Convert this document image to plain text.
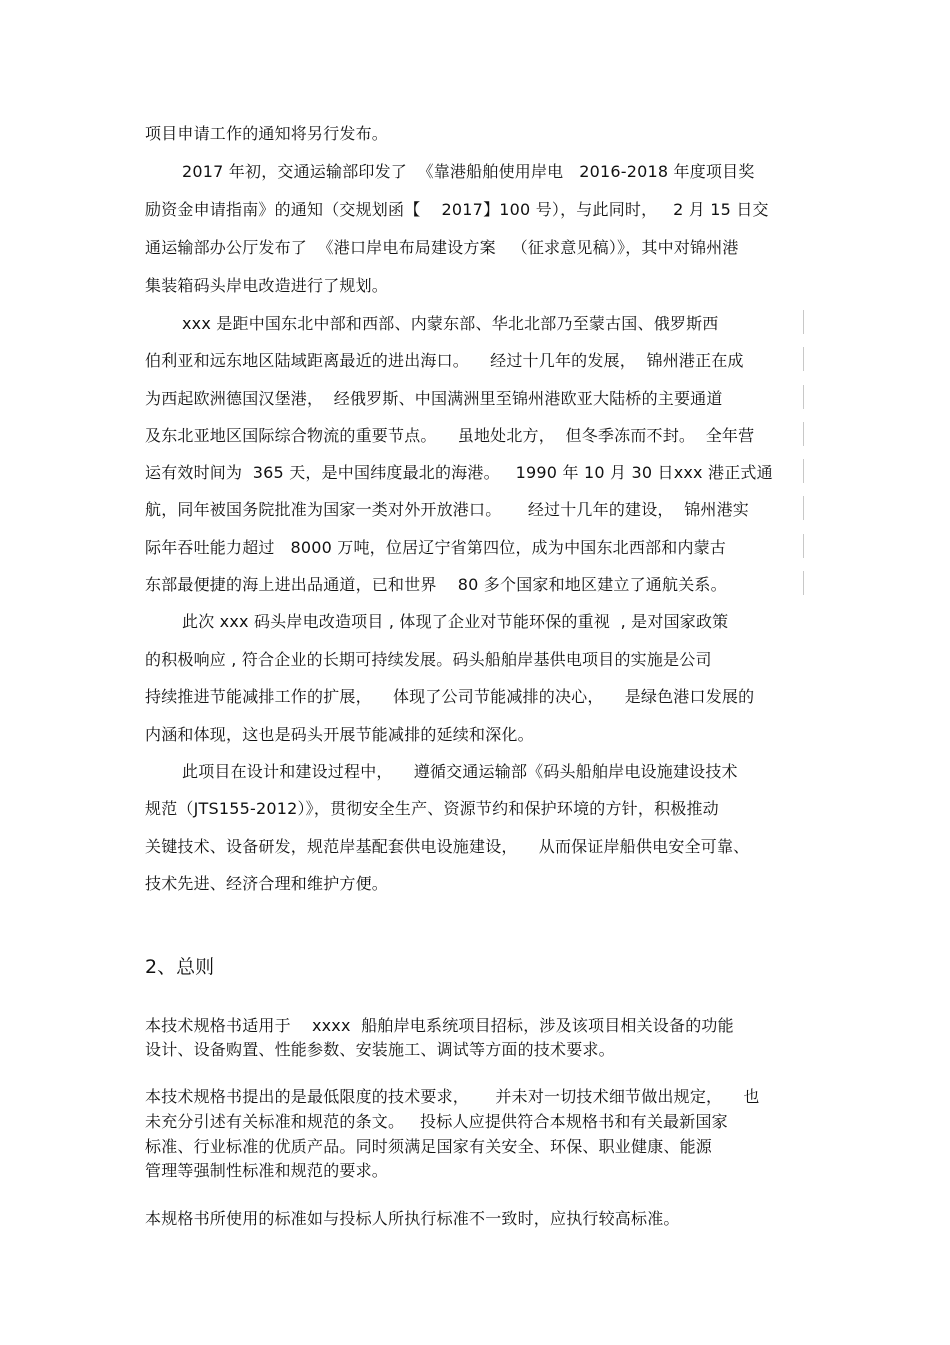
项目申请工作的通知将另行发布。
2017 年初，交通运输部印发了  《靠港船舶使用岸电   2016-2018 年度项目奖
励资金申请指南》的通知（交规划函【    2017】100 号），与此同时，   2 月 15 日交
通运输部办公厅发布了  《港口岸电布局建设方案   （征求意见稿）》，其中对锦州港
集装箱码头岸电改造进行了规划。
xxx 是距中国东北中部和西部、内蒙东部、华北北部乃至蒙古国、俄罗斯西
伯利亚和远东地区陆域距离最近的进出海口。    经过十几年的发展，  锦州港正在成
为西起欧洲德国汉堡港，  经俄罗斯、中国满洲里至锦州港欧亚大陆桥的主要通道
及东北亚地区国际综合物流的重要节点。    虽地处北方，  但冬季冻而不封。  全年营
运有效时间为  365 天，是中国纬度最北的海港。   1990 年 10 月 30 日xxx 港正式通
航，同年被国务院批准为国家一类对外开放港口。     经过十几年的建设，  锦州港实
际年吞吐能力超过   8000 万吨，位居辽宁省第四位，成为中国东北西部和内蒙古
东部最便捷的海上进出品通道，已和世界    80 多个国家和地区建立了通航关系。
此次 xxx 码头岸电改造项目 , 体现了企业对节能环保的重视  , 是对国家政策
的积极响应 , 符合企业的长期可持续发展。码头船舶岸基供电项目的实施是公司
持续推进节能减排工作的扩展，    体现了公司节能减排的决心，    是绿色港口发展的
内涵和体现，这也是码头开展节能减排的延续和深化。
此项目在设计和建设过程中，    遵循交通运输部《码头船舶岸电设施建设技术
规范（JTS155-2012）》，贯彻安全生产、资源节约和保护环境的方针，积极推动
关键技术、设备研发，规范岸基配套供电设施建设，    从而保证岸船供电安全可靠、
技术先进、经济合理和维护方便。
2、总则
本技术规格书适用于    xxxx  船舶岸电系统项目招标，涉及该项目相关设备的功能
设计、设备购置、性能参数、安装施工、调试等方面的技术要求。
本技术规格书提出的是最低限度的技术要求，     并未对一切技术细节做出规定，    也
未充分引述有关标准和规范的条文。   投标人应提供符合本规格书和有关最新国家
标准、行业标准的优质产品。同时须满足国家有关安全、环保、职业健康、能源
管理等强制性标准和规范的要求。
本规格书所使用的标准如与投标人所执行标准不一致时，应执行较高标准。
